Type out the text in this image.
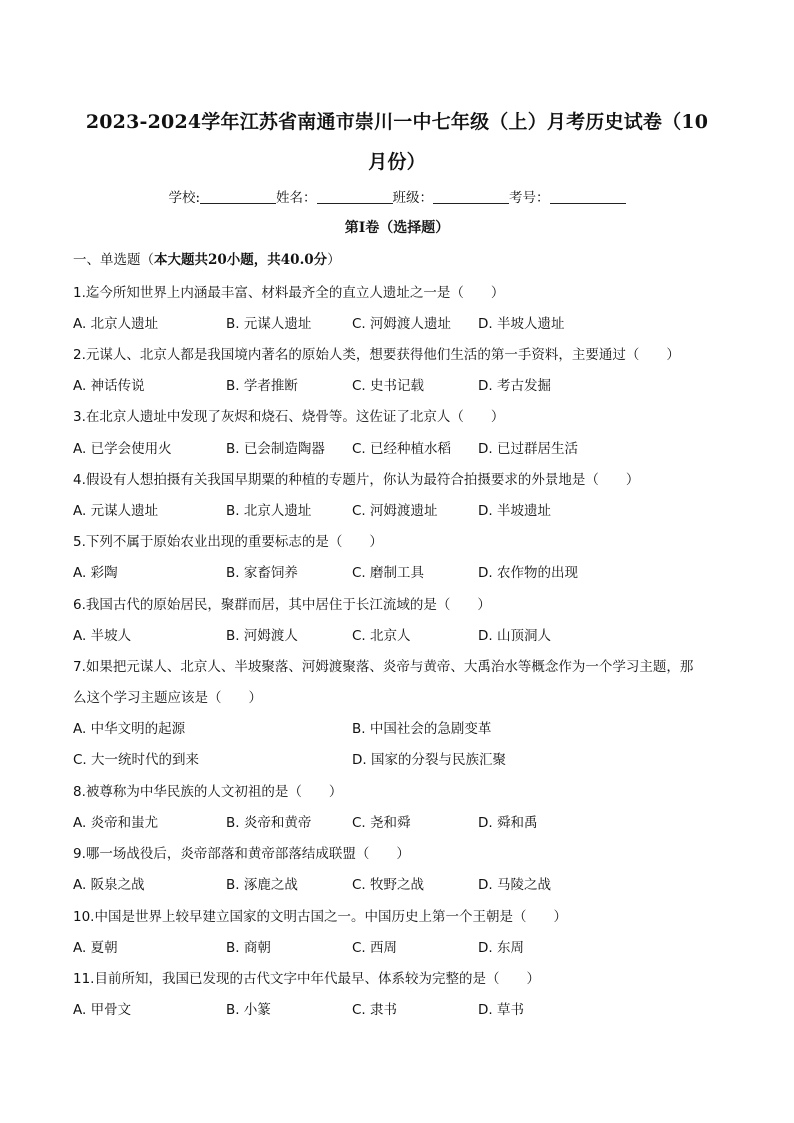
2023-2024学年江苏省南通市崇川一中七年级（上）月考历史试卷（10
月份）
学校:	姓名：	班级：	考号：
第Ⅰ卷（选择题）
一、单选题（本大题共20小题，共40.0分）
1.迄今所知世界上内涵最丰富、材料最齐全的直立人遗址之一是（　　）
A. 北京人遗址	B. 元谋人遗址	C. 河姆渡人遗址 D. 半坡人遗址
2.元谋人、北京人都是我国境内著名的原始人类，想要获得他们生活的第一手资料，主要通过（　　）
A. 神话传说	B. 学者推断	C. 史书记载	D. 考古发掘
3.在北京人遗址中发现了灰烬和烧石、烧骨等。这佐证了北京人（　　）
A. 已学会使用火	B. 已会制造陶器 C. 已经种植水稻 D. 已过群居生活
4.假设有人想拍摄有关我国早期粟的种植的专题片，你认为最符合拍摄要求的外景地是（　　）
A. 元谋人遗址	B. 北京人遗址	C. 河姆渡遗址	D. 半坡遗址
5.下列不属于原始农业出现的重要标志的是（　　）
A. 彩陶	B. 家畜饲养	C. 磨制工具	D. 农作物的出现
6.我国古代的原始居民，聚群而居，其中居住于长江流域的是（　　）
A. 半坡人	B. 河姆渡人	C. 北京人	D. 山顶洞人
7.如果把元谋人、北京人、半坡聚落、河姆渡聚落、炎帝与黄帝、大禹治水等概念作为一个学习主题，那
么这个学习主题应该是（　　）
A. 中华文明的起源	B. 中国社会的急剧变革
C. 大一统时代的到来	D. 国家的分裂与民族汇聚
8.被尊称为中华民族的人文初祖的是（　　）
A. 炎帝和蚩尤	B. 炎帝和黄帝	C. 尧和舜	D. 舜和禹
9.哪一场战役后，炎帝部落和黄帝部落结成联盟（　　）
A. 阪泉之战	B. 涿鹿之战	C. 牧野之战	D. 马陵之战
10.中国是世界上较早建立国家的文明古国之一。中国历史上第一个王朝是（　　）
A. 夏朝	B. 商朝	C. 西周	D. 东周
11.目前所知，我国已发现的古代文字中年代最早、体系较为完整的是（　　）
A. 甲骨文	B. 小篆	C. 隶书	D. 草书
